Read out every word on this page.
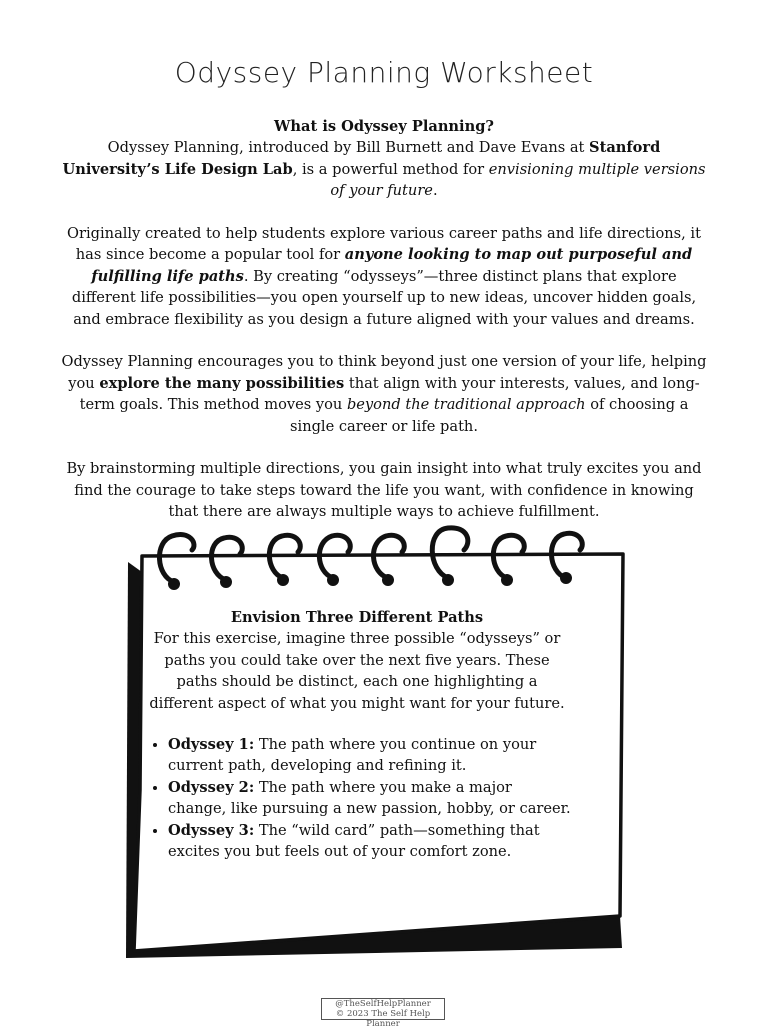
Odyssey Planning Worksheet

What is Odyssey Planning?
Odyssey Planning, introduced by Bill Burnett and Dave Evans at Stanford University’s Life Design Lab, is a powerful method for envisioning multiple versions of your future.

Originally created to help students explore various career paths and life directions, it has since become a popular tool for anyone looking to map out purposeful and fulfilling life paths. By creating “odysseys”—three distinct plans that explore different life possibilities—you open yourself up to new ideas, uncover hidden goals, and embrace flexibility as you design a future aligned with your values and dreams.

Odyssey Planning encourages you to think beyond just one version of your life, helping you explore the many possibilities that align with your interests, values, and long-term goals. This method moves you beyond the traditional approach of choosing a single career or life path.

By brainstorming multiple directions, you gain insight into what truly excites you and find the courage to take steps toward the life you want, with confidence in knowing that there are always multiple ways to achieve fulfillment.

Envision Three Different Paths
For this exercise, imagine three possible “odysseys” or paths you could take over the next five years. These paths should be distinct, each one highlighting a different aspect of what you might want for your future.
• Odyssey 1: The path where you continue on your current path, developing and refining it.
• Odyssey 2: The path where you make a major change, like pursuing a new passion, hobby, or career.
• Odyssey 3: The “wild card” path—something that excites you but feels out of your comfort zone.
@TheSelfHelpPlanner
© 2023 The Self Help Planner
